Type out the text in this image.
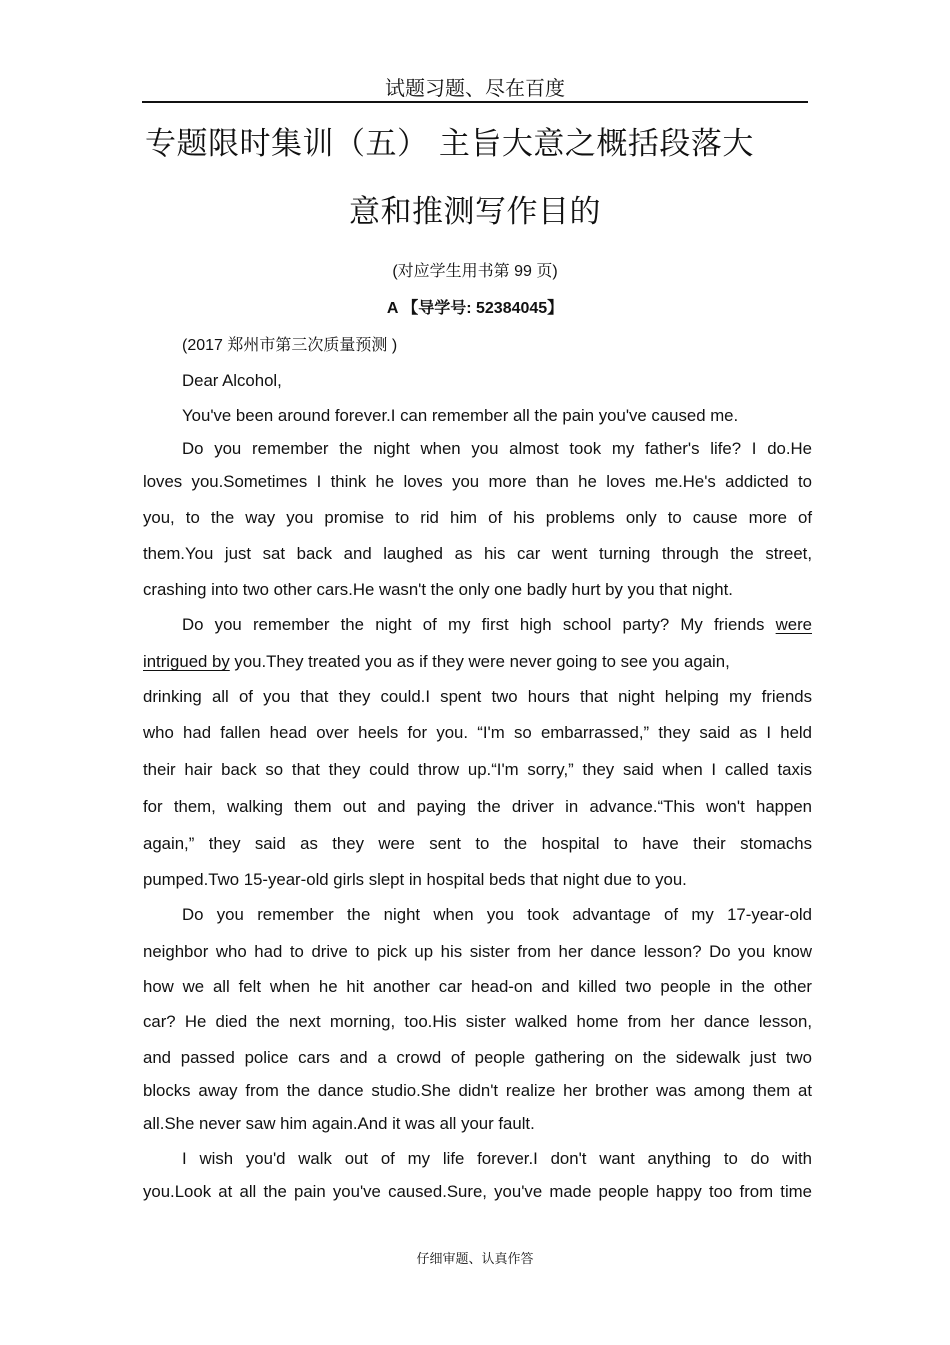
试题习题、尽在百度
专题限时集训（五） 主旨大意之概括段落大
意和推测写作目的
(对应学生用书第 99 页)
A 【导学号: 52384045】
(2017 郑州市第三次质量预测 )
Dear Alcohol,
You've been around forever.I can remember all the pain you've caused me.
Do you remember the night when you almost took my father's life? I do.He
loves you.Sometimes I think he loves you more than he loves me.He's addicted to
you, to the way you promise to rid him of his problems only to cause more of
them.You just sat back and laughed as his car went turning through the street,
crashing into two other cars.He wasn't the only one badly hurt by you that night.
Do you remember the night of my first high school party? My friends were
intrigued by you.They treated you as if they were never going to see you again,
drinking all of you that they could.I spent two hours that night helping my friends
who had fallen head over heels for you. “I'm so embarrassed,” they said as I held
their hair back so that they could throw up.“I'm sorry,” they said when I called taxis
for them, walking them out and paying the driver in advance.“This won't happen
again,” they said as they were sent to the hospital to have their stomachs
pumped.Two 15-year-old girls slept in hospital beds that night due to you.
Do you remember the night when you took advantage of my 17-year-old
neighbor who had to drive to pick up his sister from her dance lesson? Do you know
how we all felt when he hit another car head-on and killed two people in the other
car? He died the next morning, too.His sister walked home from her dance lesson,
and passed police cars and a crowd of people gathering on the sidewalk just two
blocks away from the dance studio.She didn't realize her brother was among them at
all.She never saw him again.And it was all your fault.
I wish you'd walk out of my life forever.I don't want anything to do with
you.Look at all the pain you've caused.Sure, you've made people happy too from time
仔细审题、认真作答
